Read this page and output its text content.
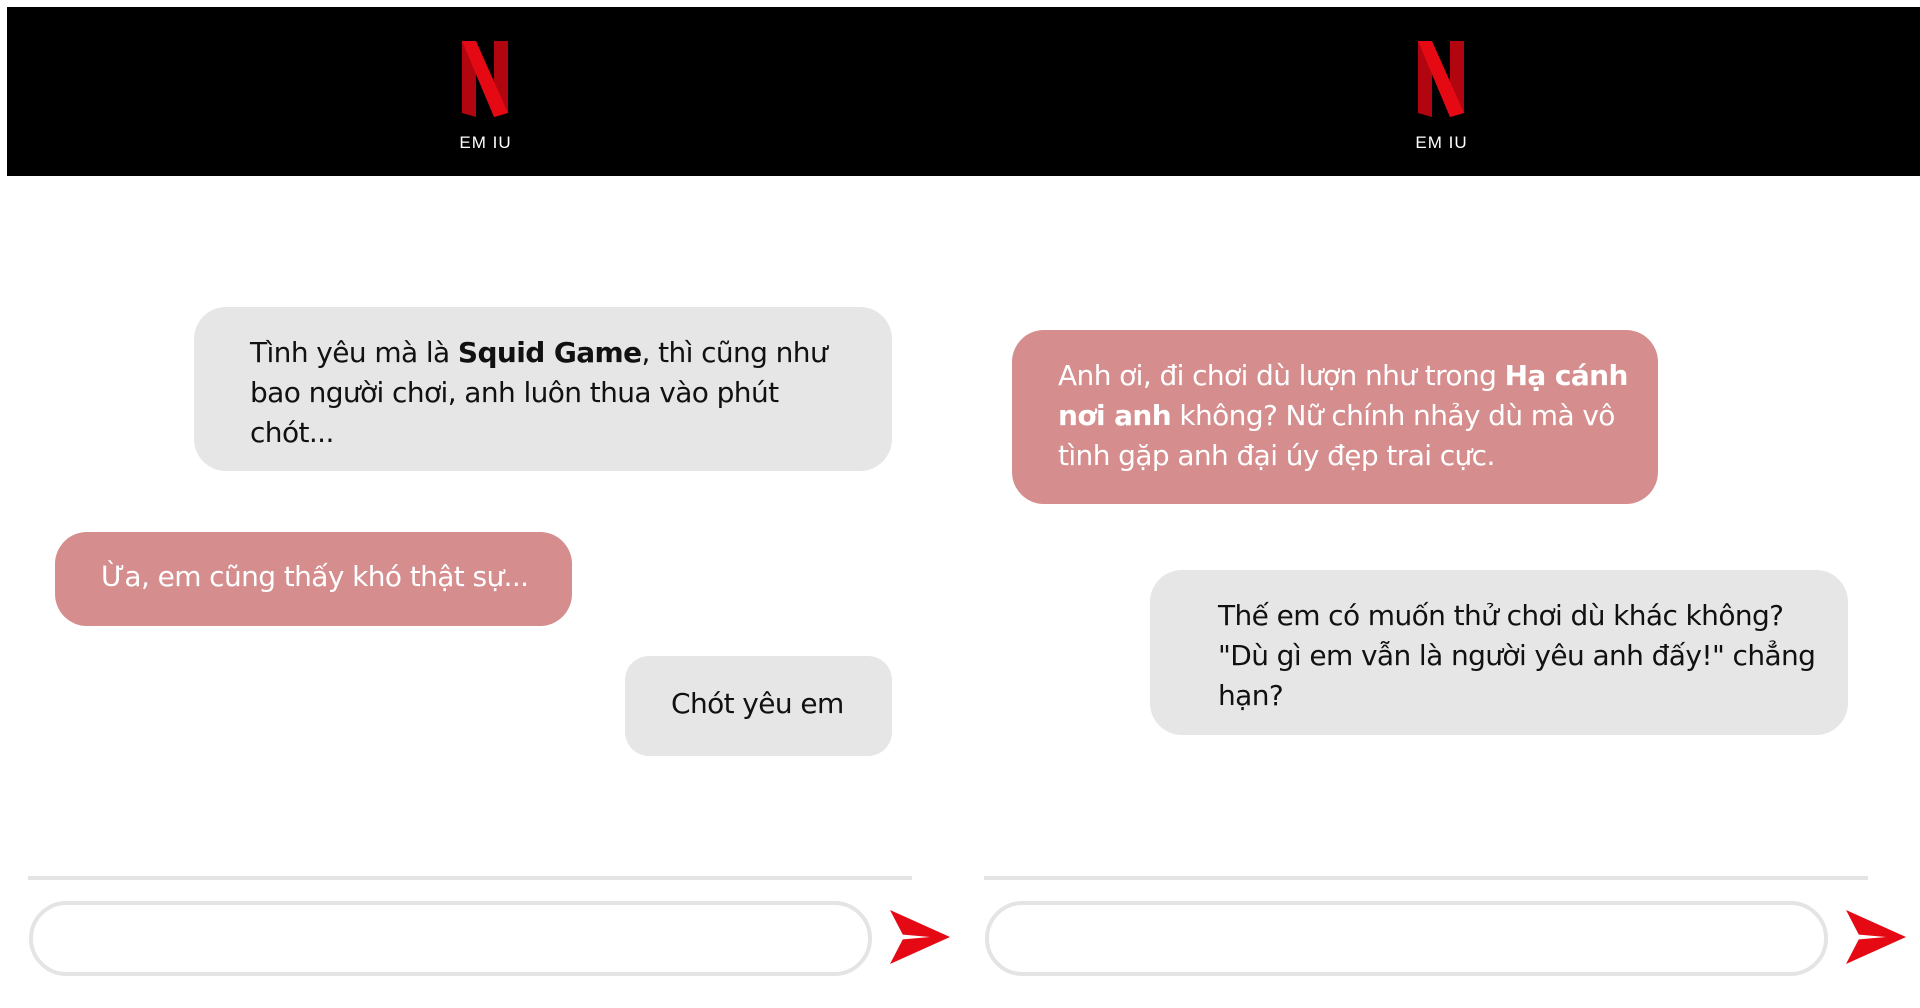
EM IU
Tình yêu mà là Squid Game, thì cũng như bao người chơi, anh luôn thua vào phút chót...
Ừa, em cũng thấy khó thật sự...
Chót yêu em
EM IU
Anh ơi, đi chơi dù lượn như trong Hạ cánh nơi anh không? Nữ chính nhảy dù mà vô tình gặp anh đại úy đẹp trai cực.
Thế em có muốn thử chơi dù khác không? "Dù gì em vẫn là người yêu anh đấy!" chẳng hạn?
